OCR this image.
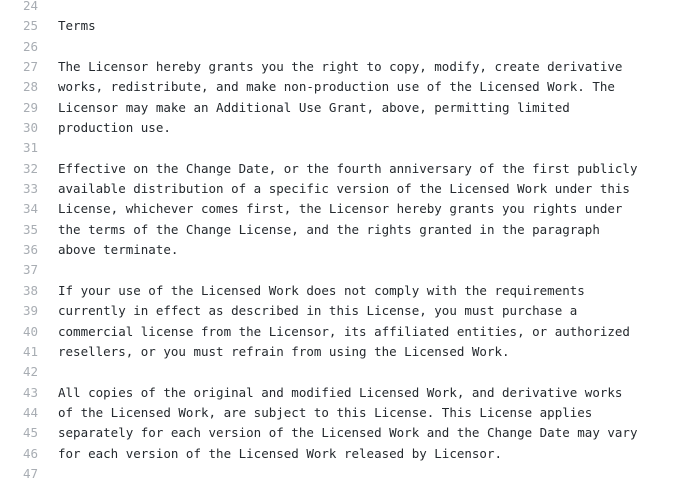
24
25	Terms
26
27	The Licensor hereby grants you the right to copy, modify, create derivative
28	works, redistribute, and make non-production use of the Licensed Work. The
29	Licensor may make an Additional Use Grant, above, permitting limited
30	production use.
31
32	Effective on the Change Date, or the fourth anniversary of the first publicly
33	available distribution of a specific version of the Licensed Work under this
34	License, whichever comes first, the Licensor hereby grants you rights under
35	the terms of the Change License, and the rights granted in the paragraph
36	above terminate.
37
38	If your use of the Licensed Work does not comply with the requirements
39	currently in effect as described in this License, you must purchase a
40	commercial license from the Licensor, its affiliated entities, or authorized
41	resellers, or you must refrain from using the Licensed Work.
42
43	All copies of the original and modified Licensed Work, and derivative works
44	of the Licensed Work, are subject to this License. This License applies
45	separately for each version of the Licensed Work and the Change Date may vary
46	for each version of the Licensed Work released by Licensor.
47
